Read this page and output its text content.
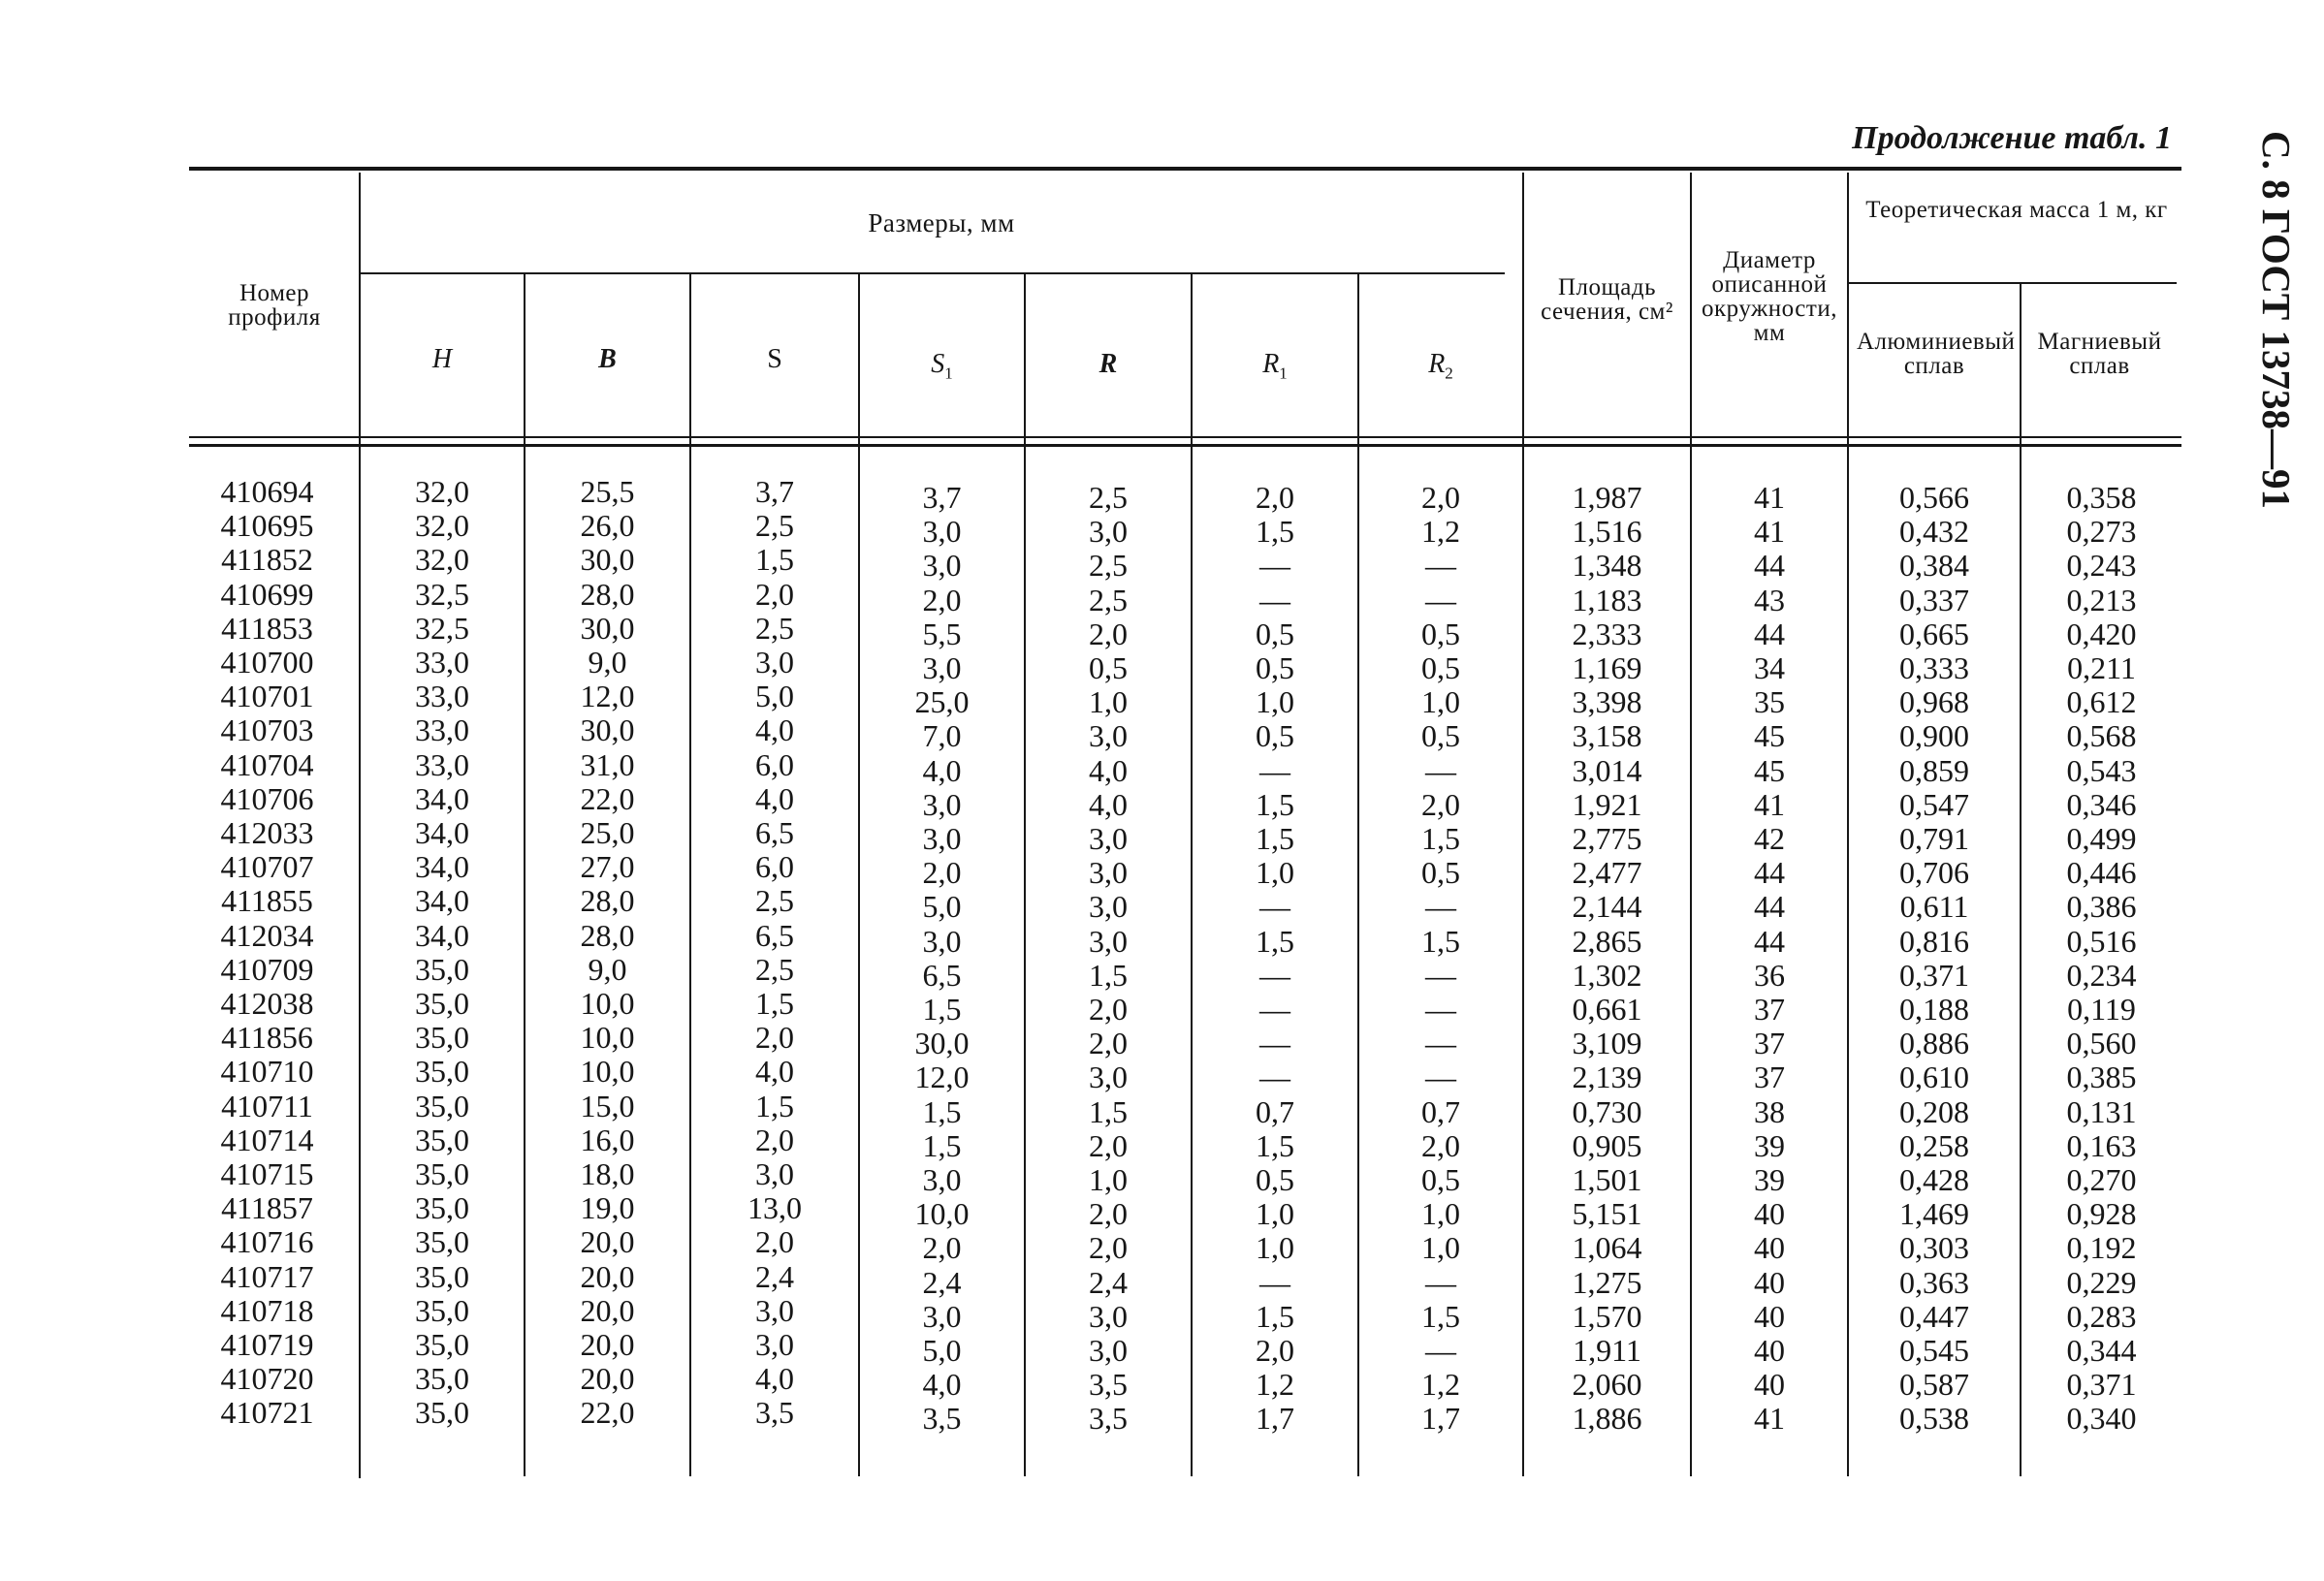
С. 8 ГОСТ 13738—91
Продолжение табл. 1
Номер профиля
Размеры, мм
H	B	S	$S_1$	R	$R_1$	$R_2$
Площадь сечения, см²
Диаметр описанной окружности, мм
Теоретическая масса 1 м, кг
Алюминиевый сплав
Магниевый сплав
410694	32,0	25,5	3,7	3,7	2,5	2,0	2,0	1,987	41	0,566	0,358
410695	32,0	26,0	2,5	3,0	3,0	1,5	1,2	1,516	41	0,432	0,273
411852	32,0	30,0	1,5	3,0	2,5	—	—	1,348	44	0,384	0,243
410699	32,5	28,0	2,0	2,0	2,5	—	—	1,183	43	0,337	0,213
411853	32,5	30,0	2,5	5,5	2,0	0,5	0,5	2,333	44	0,665	0,420
410700	33,0	9,0	3,0	3,0	0,5	0,5	0,5	1,169	34	0,333	0,211
410701	33,0	12,0	5,0	25,0	1,0	1,0	1,0	3,398	35	0,968	0,612
410703	33,0	30,0	4,0	7,0	3,0	0,5	0,5	3,158	45	0,900	0,568
410704	33,0	31,0	6,0	4,0	4,0	—	—	3,014	45	0,859	0,543
410706	34,0	22,0	4,0	3,0	4,0	1,5	2,0	1,921	41	0,547	0,346
412033	34,0	25,0	6,5	3,0	3,0	1,5	1,5	2,775	42	0,791	0,499
410707	34,0	27,0	6,0	2,0	3,0	1,0	0,5	2,477	44	0,706	0,446
411855	34,0	28,0	2,5	5,0	3,0	—	—	2,144	44	0,611	0,386
412034	34,0	28,0	6,5	3,0	3,0	1,5	1,5	2,865	44	0,816	0,516
410709	35,0	9,0	2,5	6,5	1,5	—	—	1,302	36	0,371	0,234
412038	35,0	10,0	1,5	1,5	2,0	—	—	0,661	37	0,188	0,119
411856	35,0	10,0	2,0	30,0	2,0	—	—	3,109	37	0,886	0,560
410710	35,0	10,0	4,0	12,0	3,0	—	—	2,139	37	0,610	0,385
410711	35,0	15,0	1,5	1,5	1,5	0,7	0,7	0,730	38	0,208	0,131
410714	35,0	16,0	2,0	1,5	2,0	1,5	2,0	0,905	39	0,258	0,163
410715	35,0	18,0	3,0	3,0	1,0	0,5	0,5	1,501	39	0,428	0,270
411857	35,0	19,0	13,0	10,0	2,0	1,0	1,0	5,151	40	1,469	0,928
410716	35,0	20,0	2,0	2,0	2,0	1,0	1,0	1,064	40	0,303	0,192
410717	35,0	20,0	2,4	2,4	2,4	—	—	1,275	40	0,363	0,229
410718	35,0	20,0	3,0	3,0	3,0	1,5	1,5	1,570	40	0,447	0,283
410719	35,0	20,0	3,0	5,0	3,0	2,0	—	1,911	40	0,545	0,344
410720	35,0	20,0	4,0	4,0	3,5	1,2	1,2	2,060	40	0,587	0,371
410721	35,0	22,0	3,5	3,5	3,5	1,7	1,7	1,886	41	0,538	0,340
